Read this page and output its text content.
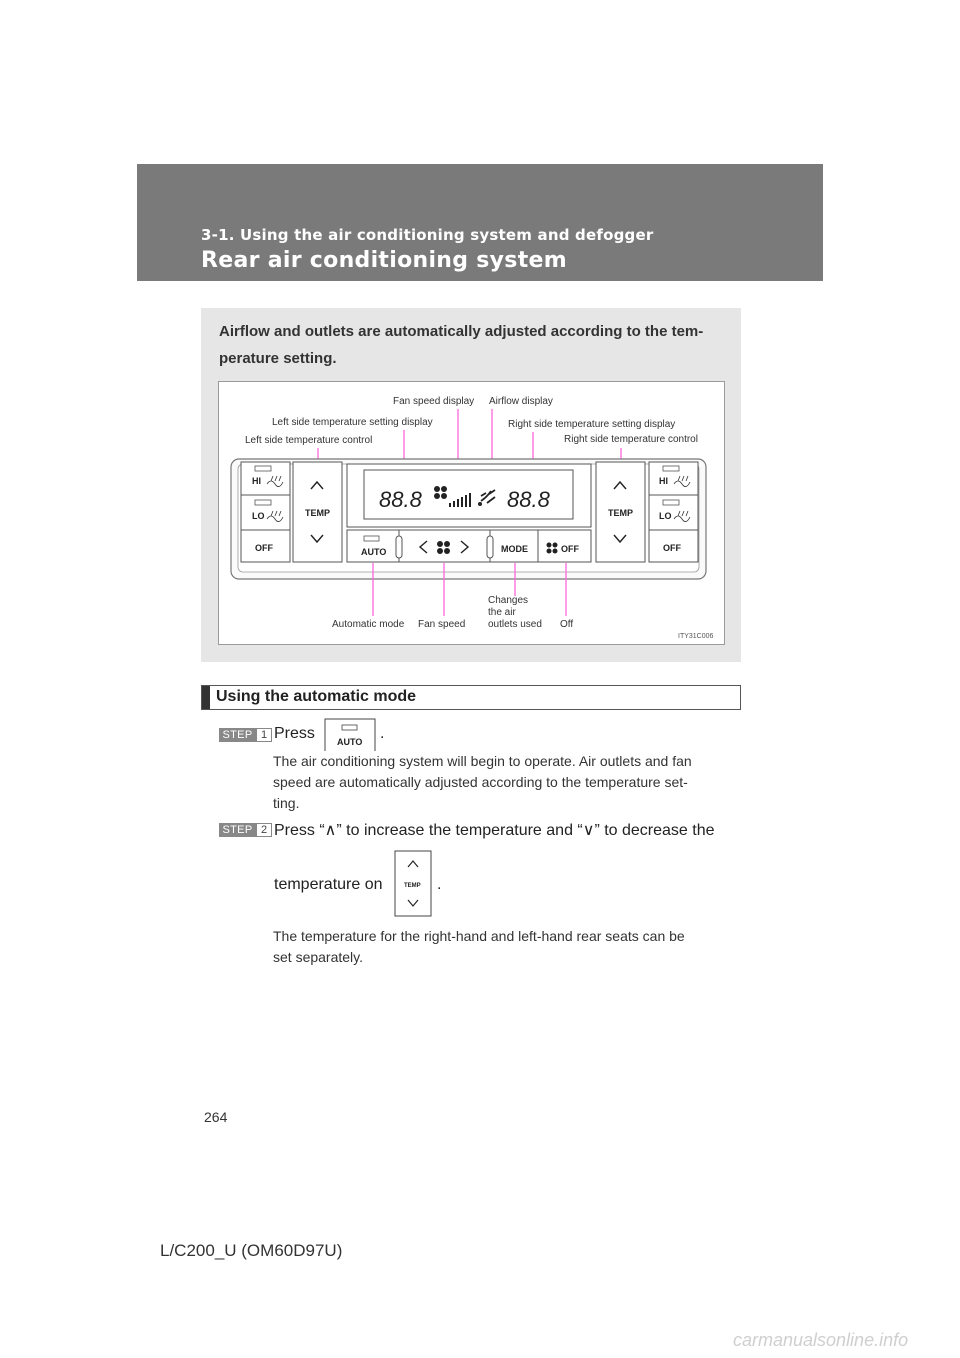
3-1. Using the air conditioning system and defogger
Rear air conditioning system
Airflow and outlets are automatically adjusted according to the tem-
perature setting.
Fan speed display Airflow display
Left side temperature setting display	Right side temperature setting display
Left side temperature control	Right side temperature control
HI
LO
OFF
TEMP
88.8	88.8
AUTO	MODE	OFF
TEMP
HI
LO
OFF
Automatic mode Fan speed
Changes
the air
outlets used Off
ITY31C006
Using the automatic mode
STEP 1 Press AUTO .
The air conditioning system will begin to operate. Air outlets and fan
speed are automatically adjusted according to the temperature set-
ting.
STEP 2 Press “∧” to increase the temperature and “∨” to decrease the
temperature on	TEMP .
The temperature for the right-hand and left-hand rear seats can be
set separately.
264
L/C200_U (OM60D97U)
carmanualsonline.info
